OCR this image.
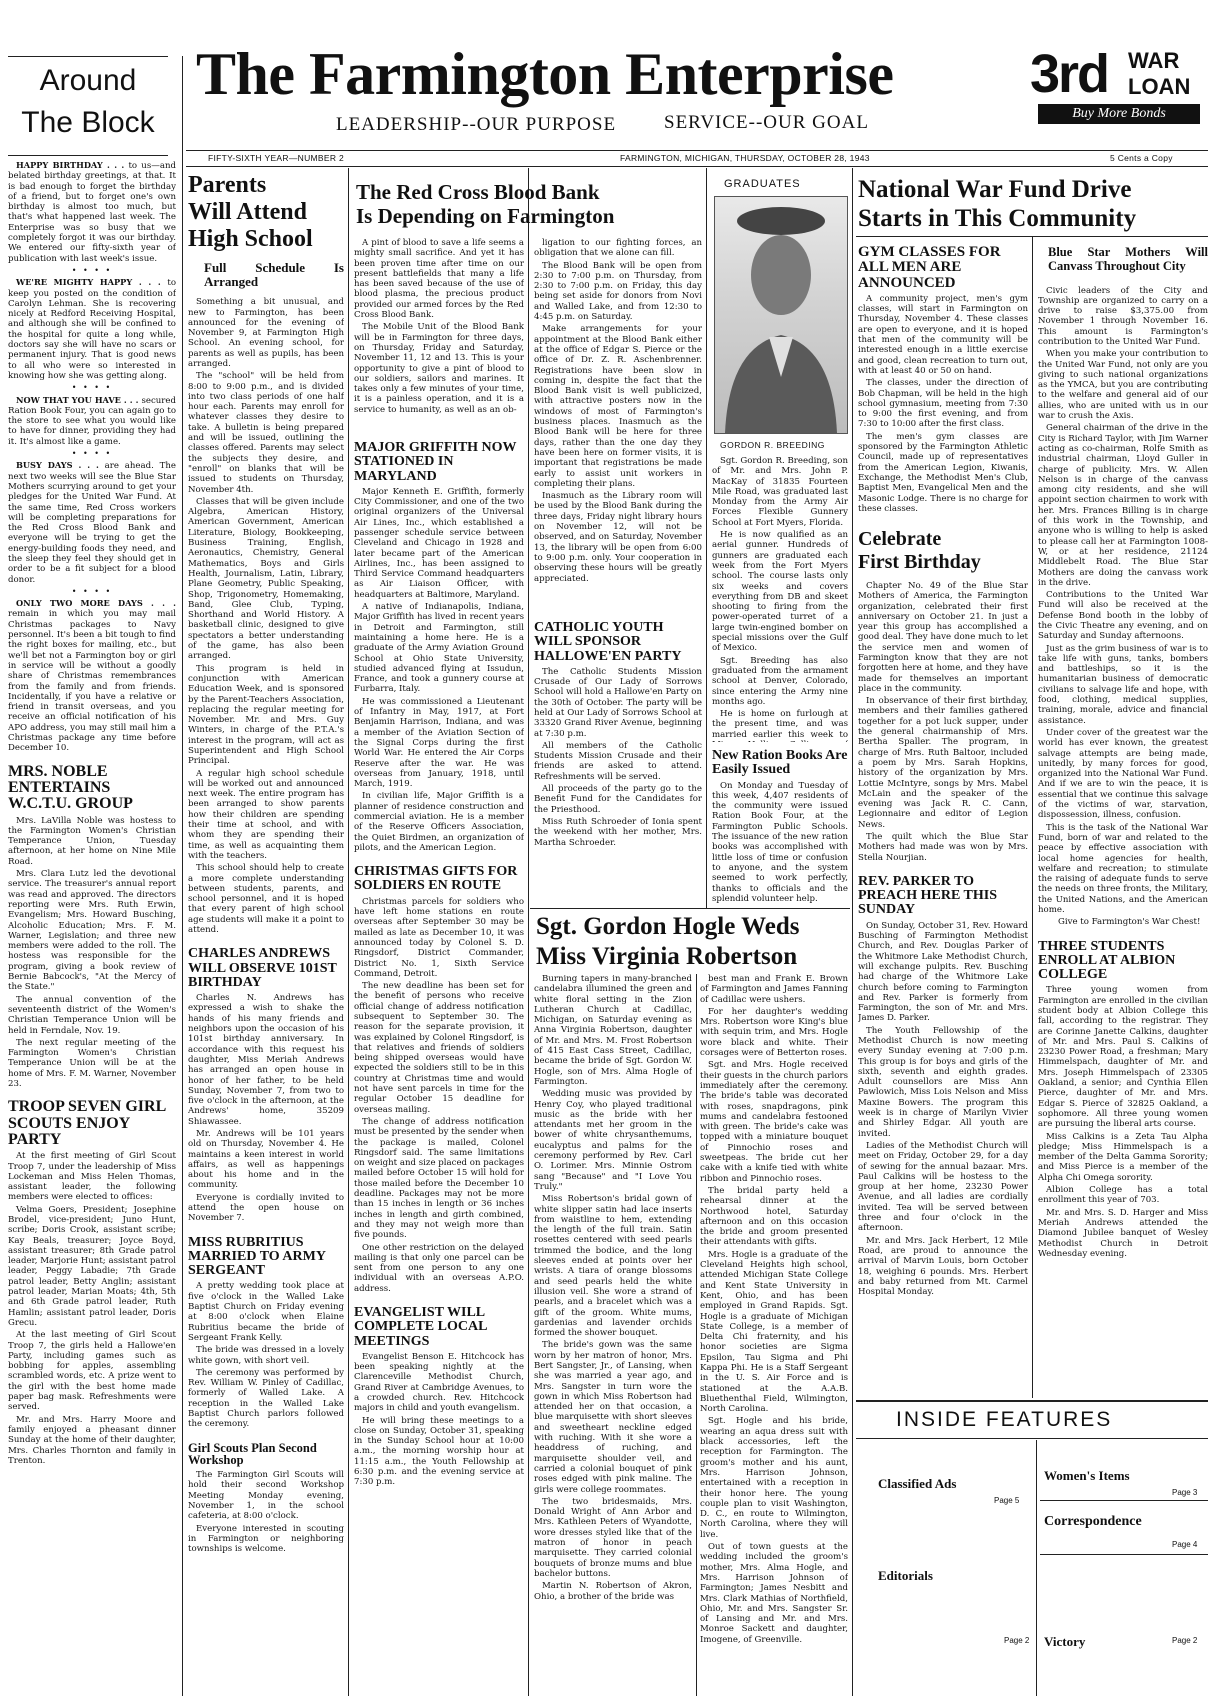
Around
The Block
The Farmington Enterprise
LEADERSHIP--OUR PURPOSE	SERVICE--OUR GOAL
3rd WAR
LOAN
Buy More Bonds
FIFTY-SIXTH YEAR—NUMBER 2	FARMINGTON, MICHIGAN, THURSDAY, OCTOBER 28, 1943	5 Cents a Copy

HAPPY BIRTHDAY . . . to us—and belated birthday greetings, at that. It is bad enough to forget the birthday of a friend, but to forget one's own birthday is almost too much, but that's what happened last week. The Enterprise was so busy that we completely forgot it was our birthday. We entered our fifty-sixth year of publication with last week's issue.

• • • •

WE'RE MIGHTY HAPPY . . . to keep you posted on the condition of Carolyn Lehman. She is recovering nicely at Redford Receiving Hospital, and although she will be confined to the hospital for quite a long while, doctors say she will have no scars or permanent injury. That is good news to all who were so interested in knowing how she was getting along.

• • • •

NOW THAT YOU HAVE . . . secured Ration Book Four, you can again go to the store to see what you would like to have for dinner, providing they had it. It's almost like a game.

• • • •

BUSY DAYS . . . are ahead. The next two weeks will see the Blue Star Mothers scurrying around to get your pledges for the United War Fund. At the same time, Red Cross workers will be completing preparations for the Red Cross Blood Bank and everyone will be trying to get the energy-building foods they need, and the sleep they feel they should get in order to be a fit subject for a blood donor.

• • • •

ONLY TWO MORE DAYS . . . remain in which you may mail Christmas packages to Navy personnel. It's been a bit tough to find the right boxes for mailing, etc., but we'll bet not a Farmington boy or girl in service will be without a goodly share of Christmas remembrances from the family and from friends. Incidentally, if you have a relative or friend in transit overseas, and you receive an official notification of his APO address, you may still mail him a Christmas package any time before December 10.

MRS. NOBLE ENTERTAINS W.C.T.U. GROUP

Mrs. LaVilla Noble was hostess to the Farmington Women's Christian Temperance Union, Tuesday afternoon, at her home on Nine Mile Road.

Mrs. Clara Lutz led the devotional service. The treasurer's annual report was read and approved. The directors reporting were Mrs. Ruth Erwin, Evangelism; Mrs. Howard Busching, Alcoholic Education; Mrs. F. M. Warner, Legislation; and three new members were added to the roll. The hostess was responsible for the program, giving a book review of Bernie Babcock's, "At the Mercy of the State."

The annual convention of the seventeenth district of the Women's Christian Temperance Union will be held in Ferndale, Nov. 19.

The next regular meeting of the Farmington Women's Christian Temperance Union will be at the home of Mrs. F. M. Warner, November 23.

TROOP SEVEN GIRL SCOUTS ENJOY PARTY

At the first meeting of Girl Scout Troop 7, under the leadership of Miss Lockeman and Miss Helen Thomas, assistant leader, the following members were elected to offices:

Velma Goers, President; Josephine Brodel, vice-president; Juno Hunt, scribe; Doris Crook, assistant scribe; Kay Beals, treasurer; Joyce Boyd, assistant treasurer; 8th Grade patrol leader, Marjorie Hunt; assistant patrol leader, Peggy Labadie; 7th Grade patrol leader, Betty Anglin; assistant patrol leader, Marian Moats; 4th, 5th and 6th Grade patrol leader, Ruth Hamlin; assistant patrol leader, Doris Grecu.

At the last meeting of Girl Scout Troop 7, the girls held a Hallowe'en Party, including games such as bobbing for apples, assembling scrambled words, etc. A prize went to the girl with the best home made paper bag mask. Refreshments were served.

Mr. and Mrs. Harry Moore and family enjoyed a pheasant dinner Sunday at the home of their daughter, Mrs. Charles Thornton and family in Trenton.

Parents
Will Attend
High School
Full Schedule Is Arranged

Something a bit unusual, and new to Farmington, has been announced for the evening of November 9, at Farmington High School. An evening school, for parents as well as pupils, has been arranged.

The "school" will be held from 8:00 to 9:00 p.m., and is divided into two class periods of one half hour each. Parents may enroll for whatever classes they desire to take. A bulletin is being prepared and will be issued, outlining the classes offered. Parents may select the subjects they desire, and "enroll" on blanks that will be issued to students on Thursday, November 4th.

Classes that will be given include Algebra, American History, American Government, American Literature, Biology, Bookkeeping, Business Training, English, Aeronautics, Chemistry, General Mathematics, Boys and Girls Health, Journalism, Latin, Library, Plane Geometry, Public Speaking, Shop, Trigonometry, Homemaking, Band, Glee Club, Typing, Shorthand and World History. A basketball clinic, designed to give spectators a better understanding of the game, has also been arranged.

This program is held in conjunction with American Education Week, and is sponsored by the Parent-Teachers Association, replacing the regular meeting for November. Mr. and Mrs. Guy Winters, in charge of the P.T.A.'s interest in the program, will act as Superintendent and High School Principal.

A regular high school schedule will be worked out and announced next week. The entire program has been arranged to show parents how their children are spending their time at school, and with whom they are spending their time, as well as acquainting them with the teachers.

This school should help to create a more complete understanding between students, parents, and school personnel, and it is hoped that every parent of high school age students will make it a point to attend.

CHARLES ANDREWS WILL OBSERVE 101ST BIRTHDAY

Charles N. Andrews has expressed a wish to shake the hands of his many friends and neighbors upon the occasion of his 101st birthday anniversary. In accordance with this request his daughter, Miss Meriah Andrews has arranged an open house in honor of her father, to be held Sunday, November 7, from two to five o'clock in the afternoon, at the Andrews' home, 35209 Shiawassee.

Mr. Andrews will be 101 years old on Thursday, November 4. He maintains a keen interest in world affairs, as well as happenings about his home and in the community.

Everyone is cordially invited to attend the open house on November 7.

MISS RUBRITIUS MARRIED TO ARMY SERGEANT

A pretty wedding took place at five o'clock in the Walled Lake Baptist Church on Friday evening at 8:00 o'clock when Elaine Rubritius became the bride of Sergeant Frank Kelly.

The bride was dressed in a lovely white gown, with short veil.

The ceremony was performed by Rev. William W. Pinley of Cadillac, formerly of Walled Lake. A reception in the Walled Lake Baptist Church parlors followed the ceremony.

Girl Scouts Plan Second Workshop

The Farmington Girl Scouts will hold their second Workshop Meeting Monday evening, November 1, in the school cafeteria, at 8:00 o'clock.

Everyone interested in scouting in Farmington or neighboring townships is welcome.

The Red Cross Blood Bank
Is Depending on Farmington

A pint of blood to save a life seems a mighty small sacrifice. And yet it has been proven time after time on our present battlefields that many a life has been saved because of the use of blood plasma, the precious product provided our armed forces by the Red Cross Blood Bank.

The Mobile Unit of the Blood Bank will be in Farmington for three days, on Thursday, Friday and Saturday, November 11, 12 and 13. This is your opportunity to give a pint of blood to our soldiers, sailors and marines. It takes only a few minutes of your time, it is a painless operation, and it is a service to humanity, as well as an ob-

ligation to our fighting forces, an obligation that we alone can fill.

The Blood Bank will be open from 2:30 to 7:00 p.m. on Thursday, from 2:30 to 7:00 p.m. on Friday, this day being set aside for donors from Novi and Walled Lake, and from 12:30 to 4:45 p.m. on Saturday.

Make arrangements for your appointment at the Blood Bank either at the office of Edgar S. Pierce or the office of Dr. Z. R. Aschenbrenner. Registrations have been slow in coming in, despite the fact that the Blood Bank visit is well publicized, with attractive posters now in the windows of most of Farmington's business places. Inasmuch as the Blood Bank will be here for three days, rather than the one day they have been here on former visits, it is important that registrations be made early to assist unit workers in completing their plans.

Inasmuch as the Library room will be used by the Blood Bank during the three days, Friday night library hours on November 12, will not be observed, and on Saturday, November 13, the library will be open from 6:00 to 9:00 p.m. only. Your cooperation in observing these hours will be greatly appreciated.

MAJOR GRIFFITH NOW STATIONED IN MARYLAND

Major Kenneth E. Griffith, formerly City Commissioner, and one of the two original organizers of the Universal Air Lines, Inc., which established a passenger schedule service between Cleveland and Chicago in 1928 and later became part of the American Airlines, Inc., has been assigned to Third Service Command headquarters as Air Liaison Officer, with headquarters at Baltimore, Maryland.

A native of Indianapolis, Indiana, Major Griffith has lived in recent years in Detroit and Farmington, still maintaining a home here. He is a graduate of the Army Aviation Ground School at Ohio State University, studied advanced flying at Issudun, France, and took a gunnery course at Furbarra, Italy.

He was commissioned a Lieutenant of Infantry in May, 1917, at Fort Benjamin Harrison, Indiana, and was a member of the Aviation Section of the Signal Corps during the first World War. He entered the Air Corps Reserve after the war. He was overseas from January, 1918, until March, 1919.

In civilian life, Major Griffith is a planner of residence construction and commercial aviation. He is a member of the Reserve Officers Association, the Quiet Birdmen, an organization of pilots, and the American Legion.

CHRISTMAS GIFTS FOR SOLDIERS EN ROUTE

Christmas parcels for soldiers who have left home stations en route overseas after September 30 may be mailed as late as December 10, it was announced today by Colonel S. D. Ringsdorf, District Commander, District No. 1, Sixth Service Command, Detroit.

The new deadline has been set for the benefit of persons who receive official change of address notification subsequent to September 30. The reason for the separate provision, it was explained by Colonel Ringsdorf, is that relatives and friends of soldiers being shipped overseas would have expected the soldiers still to be in this country at Christmas time and would not have sent parcels in time for the regular October 15 deadline for overseas mailing.

The change of address notification must be presented by the sender when the package is mailed, Colonel Ringsdorf said. The same limitations on weight and size placed on packages mailed before October 15 will hold for those mailed before the December 10 deadline. Packages may not be more than 15 inches in length or 36 inches inches in length and girth combined, and they may not weigh more than five pounds.

One other restriction on the delayed mailing is that only one parcel can be sent from one person to any one individual with an overseas A.P.O. address.

EVANGELIST WILL COMPLETE LOCAL MEETINGS

Evangelist Benson E. Hitchcock has been speaking nightly at the Clarenceville Methodist Church, Grand River at Cambridge Avenues, to a crowded church. Rev. Hitchcock majors in child and youth evangelism.

He will bring these meetings to a close on Sunday, October 31, speaking in the Sunday School hour at 10:00 a.m., the morning worship hour at 11:15 a.m., the Youth Fellowship at 6:30 p.m. and the evening service at 7:30 p.m.

CATHOLIC YOUTH WILL SPONSOR HALLOWE'EN PARTY

The Catholic Students Mission Crusade of Our Lady of Sorrows School will hold a Hallowe'en Party on the 30th of October. The party will be held at Our Lady of Sorrows School at 33320 Grand River Avenue, beginning at 7:30 p.m.

All members of the Catholic Students Mission Crusade and their friends are asked to attend. Refreshments will be served.

All proceeds of the party go to the Benefit Fund for the Candidates for the Priesthood.

Miss Ruth Schroeder of Ionia spent the weekend with her mother, Mrs. Martha Schroeder.

New Ration Books Are Easily Issued

On Monday and Tuesday of this week, 4,407 residents of the community were issued Ration Book Four, at the Farmington Public Schools. The issuance of the new ration books was accomplished with little loss of time or confusion to anyone, and the system seemed to work perfectly, thanks to officials and the splendid volunteer help.

GRADUATES
GORDON R. BREEDING

Sgt. Gordon R. Breeding, son of Mr. and Mrs. John P. MacKay of 31835 Fourteen Mile Road, was graduated last Monday from the Army Air Forces Flexible Gunnery School at Fort Myers, Florida.

He is now qualified as an aerial gunner. Hundreds of gunners are graduated each week from the Fort Myers school. The course lasts only six weeks and covers everything from DB and skeet shooting to firing from the power-operated turret of a large twin-engined bomber on special missions over the Gulf of Mexico.

Sgt. Breeding has also graduated from the armament school at Denver, Colorado, since entering the Army nine months ago.

He is home on furlough at the present time, and was married earlier this week to

Sgt. Gordon Hogle Weds
Miss Virginia Robertson

Burning tapers in many-branched candelabra illumined the green and white floral setting in the Zion Lutheran Church at Cadillac, Michigan, on Saturday evening as Anna Virginia Robertson, daughter of Mr. and Mrs. M. Frost Robertson of 415 East Cass Street, Cadillac, became the bride of Sgt. Gordon W. Hogle, son of Mrs. Alma Hogle of Farmington.

Wedding music was provided by Henry Coy, who played traditional music as the bride with her attendants met her groom in the bower of white chrysanthemums, eucalyptus and palms for the ceremony performed by Rev. Carl O. Lorimer. Mrs. Minnie Ostrom sang "Because" and "I Love You Truly."

Miss Robertson's bridal gown of white slipper satin had lace inserts from waistline to hem, extending the length of the full train. Satin rosettes centered with seed pearls trimmed the bodice, and the long sleeves ended at points over her wrists. A tiara of orange blossoms and seed pearls held the white illusion veil. She wore a strand of pearls, and a bracelet which was a gift of the groom. White mums, gardenias and lavender orchids formed the shower bouquet.

The bride's gown was the same worn by her matron of honor, Mrs. Bert Sangster, Jr., of Lansing, when she was married a year ago, and Mrs. Sangster in turn wore the gown in which Miss Robertson had attended her on that occasion, a blue marquisette with short sleeves and sweetheart neckline edged with ruching. With it she wore a headdress of ruching, and marquisette shoulder veil, and carried a colonial bouquet of pink roses edged with pink maline. The girls were college roommates.

The two bridesmaids, Mrs. Donald Wright of Ann Arbor and Mrs. Kathleen Peters of Wyandotte, wore dresses styled like that of the matron of honor in peach marquisette. They carried colonial bouquets of bronze mums and blue bachelor buttons.

Martin N. Robertson of Akron, Ohio, a brother of the bride was

best man and Frank E. Brown of Farmington and James Fanning of Cadillac were ushers.

For her daughter's wedding Mrs. Robertson wore King's blue with sequin trim, and Mrs. Hogle wore black and white. Their corsages were of Betterton roses.

Sgt. and Mrs. Hogle received their guests in the church parlors immediately after the ceremony. The bride's table was decorated with roses, snapdragons, pink mums and candelabra festooned with green. The bride's cake was topped with a miniature bouquet of Pinnochio roses and sweetpeas. The bride cut her cake with a knife tied with white ribbon and Pinnochio roses.

The bridal party held a rehearsal dinner at the Northwood hotel, Saturday afternoon and on this occasion the bride and groom presented their attendants with gifts.

Mrs. Hogle is a graduate of the Cleveland Heights high school, attended Michigan State College and Kent State University in Kent, Ohio, and has been employed in Grand Rapids. Sgt. Hogle is a graduate of Michigan State College, is a member of Delta Chi fraternity, and his honor societies are Sigma Epsilon, Tau Sigma and Phi Kappa Phi. He is a Staff Sergeant in the U. S. Air Force and is stationed at the A.A.B. Bluethenthal Field, Wilmington, North Carolina.

Sgt. Hogle and his bride, wearing an aqua dress suit with black accessories, left the reception for Farmington. The groom's mother and his aunt, Mrs. Harrison Johnson, entertained with a reception in their honor here. The young couple plan to visit Washington, D. C., en route to Wilmington, North Carolina, where they will live.

Out of town guests at the wedding included the groom's mother, Mrs. Alma Hogle, and Mrs. Harrison Johnson of Farmington; James Nesbitt and Mrs. Clark Mathias of Northfield, Ohio, Mr. and Mrs. Sangster Sr. of Lansing and Mr. and Mrs. Monroe Sackett and daughter, Imogene, of Greenville.

National War Fund Drive
Starts in This Community
GYM CLASSES FOR ALL MEN ARE ANNOUNCED

A community project, men's gym classes, will start in Farmington on Thursday, November 4. These classes are open to everyone, and it is hoped that men of the community will be interested enough in a little exercise and good, clean recreation to turn out, with at least 40 or 50 on hand.

The classes, under the direction of Bob Chapman, will be held in the high school gymnasium, meeting from 7:30 to 9:00 the first evening, and from 7:30 to 10:00 after the first class.

The men's gym classes are sponsored by the Farmington Athletic Council, made up of representatives from the American Legion, Kiwanis, Exchange, the Methodist Men's Club, Baptist Men, Evangelical Men and the Masonic Lodge. There is no charge for these classes.

Celebrate
First Birthday

Chapter No. 49 of the Blue Star Mothers of America, the Farmington organization, celebrated their first anniversary on October 21. In just a year this group has accomplished a good deal. They have done much to let the service men and women of Farmington know that they are not forgotten here at home, and they have made for themselves an important place in the community.

In observance of their first birthday, members and their families gathered together for a pot luck supper, under the general chairmanship of Mrs. Bertha Spaller. The program, in charge of Mrs. Ruth Baltoor, included a poem by Mrs. Sarah Hopkins, history of the organization by Mrs. Lottie McIntyre, songs by Mrs. Mabel McLain and the speaker of the evening was Jack R. C. Cann, Legionnaire and editor of Legion News.

The quilt which the Blue Star Mothers had made was won by Mrs. Stella Nourjian.

REV. PARKER TO PREACH HERE THIS SUNDAY

On Sunday, October 31, Rev. Howard Busching of Farmington Methodist Church, and Rev. Douglas Parker of the Whitmore Lake Methodist Church, will exchange pulpits. Rev. Busching had charge of the Whitmore Lake church before coming to Farmington and Rev. Parker is formerly from Farmington, the son of Mr. and Mrs. James D. Parker.

The Youth Fellowship of the Methodist Church is now meeting every Sunday evening at 7:00 p.m. This group is for boys and girls of the sixth, seventh and eighth grades. Adult counsellors are Miss Ann Pawlowich, Miss Lois Nelson and Miss Maxine Bowers. The program this week is in charge of Marilyn Vivier and Shirley Edgar. All youth are invited.

Ladies of the Methodist Church will meet on Friday, October 29, for a day of sewing for the annual bazaar. Mrs. Paul Calkins will be hostess to the group at her home, 23230 Power Avenue, and all ladies are cordially invited. Tea will be served between three and four o'clock in the afternoon.

Mr. and Mrs. Jack Herbert, 12 Mile Road, are proud to announce the arrival of Marvin Louis, born October 18, weighing 6 pounds. Mrs. Herbert and baby returned from Mt. Carmel Hospital Monday.

Blue Star Mothers Will Canvass Throughout City

Civic leaders of the City and Township are organized to carry on a drive to raise $3,375.00 from November 1 through November 16. This amount is Farmington's contribution to the United War Fund.

When you make your contribution to the United War Fund, not only are you giving to such national organizations as the YMCA, but you are contributing to the welfare and general aid of our allies, who are united with us in our war to crush the Axis.

General chairman of the drive in the City is Richard Taylor, with Jim Warner acting as co-chairman, Rolfe Smith as industrial chairman, Lloyd Guller in charge of publicity. Mrs. W. Allen Nelson is in charge of the canvass among city residents, and she will appoint section chairmen to work with her. Mrs. Frances Billing is in charge of this work in the Township, and anyone who is willing to help is asked to please call her at Farmington 1008-W, or at her residence, 21124 Middlebelt Road. The Blue Star Mothers are doing the canvass work in the drive.

Contributions to the United War Fund will also be received at the Defense Bond booth in the lobby of the Civic Theatre any evening, and on Saturday and Sunday afternoons.

Just as the grim business of war is to take life with guns, tanks, bombers and battleships, so it is the humanitarian business of democratic civilians to salvage life and hope, with food, clothing, medical supplies, training, morale, advice and financial assistance.

Under cover of the greatest war the world has ever known, the greatest salvage attempts are being made, unitedly, by many forces for good, organized into the National War Fund. And if we are to win the peace, it is essential that we continue this salvage of the victims of war, starvation, dispossession, illness, confusion.

This is the task of the National War Fund, born of war and related to the peace by effective association with local home agencies for health, welfare and recreation; to stimulate the raising of adequate funds to serve the needs on three fronts, the Military, the United Nations, and the American home.

Give to Farmington's War Chest!

THREE STUDENTS ENROLL AT ALBION COLLEGE

Three young women from Farmington are enrolled in the civilian student body at Albion College this fall, according to the registrar. They are Corinne Janette Calkins, daughter of Mr. and Mrs. Paul S. Calkins of 23230 Power Road, a freshman; Mary Himmelspach, daughter of Mr. and Mrs. Joseph Himmelspach of 23305 Oakland, a senior; and Cynthia Ellen Pierce, daughter of Mr. and Mrs. Edgar S. Pierce of 32825 Oakland, a sophomore. All three young women are pursuing the liberal arts course.

Miss Calkins is a Zeta Tau Alpha pledge; Miss Himmelspach is a member of the Delta Gamma Sorority; and Miss Pierce is a member of the Alpha Chi Omega sorority.

Albion College has a total enrollment this year of 703.

Mr. and Mrs. S. D. Harger and Miss Meriah Andrews attended the Diamond Jubilee banquet of Wesley Methodist Church in Detroit Wednesday evening.

INSIDE FEATURES
Classified Ads
Page 5
Editorials
Page 2
Women's Items
Page 3
Correspondence
Page 4
Victory	Page 2
